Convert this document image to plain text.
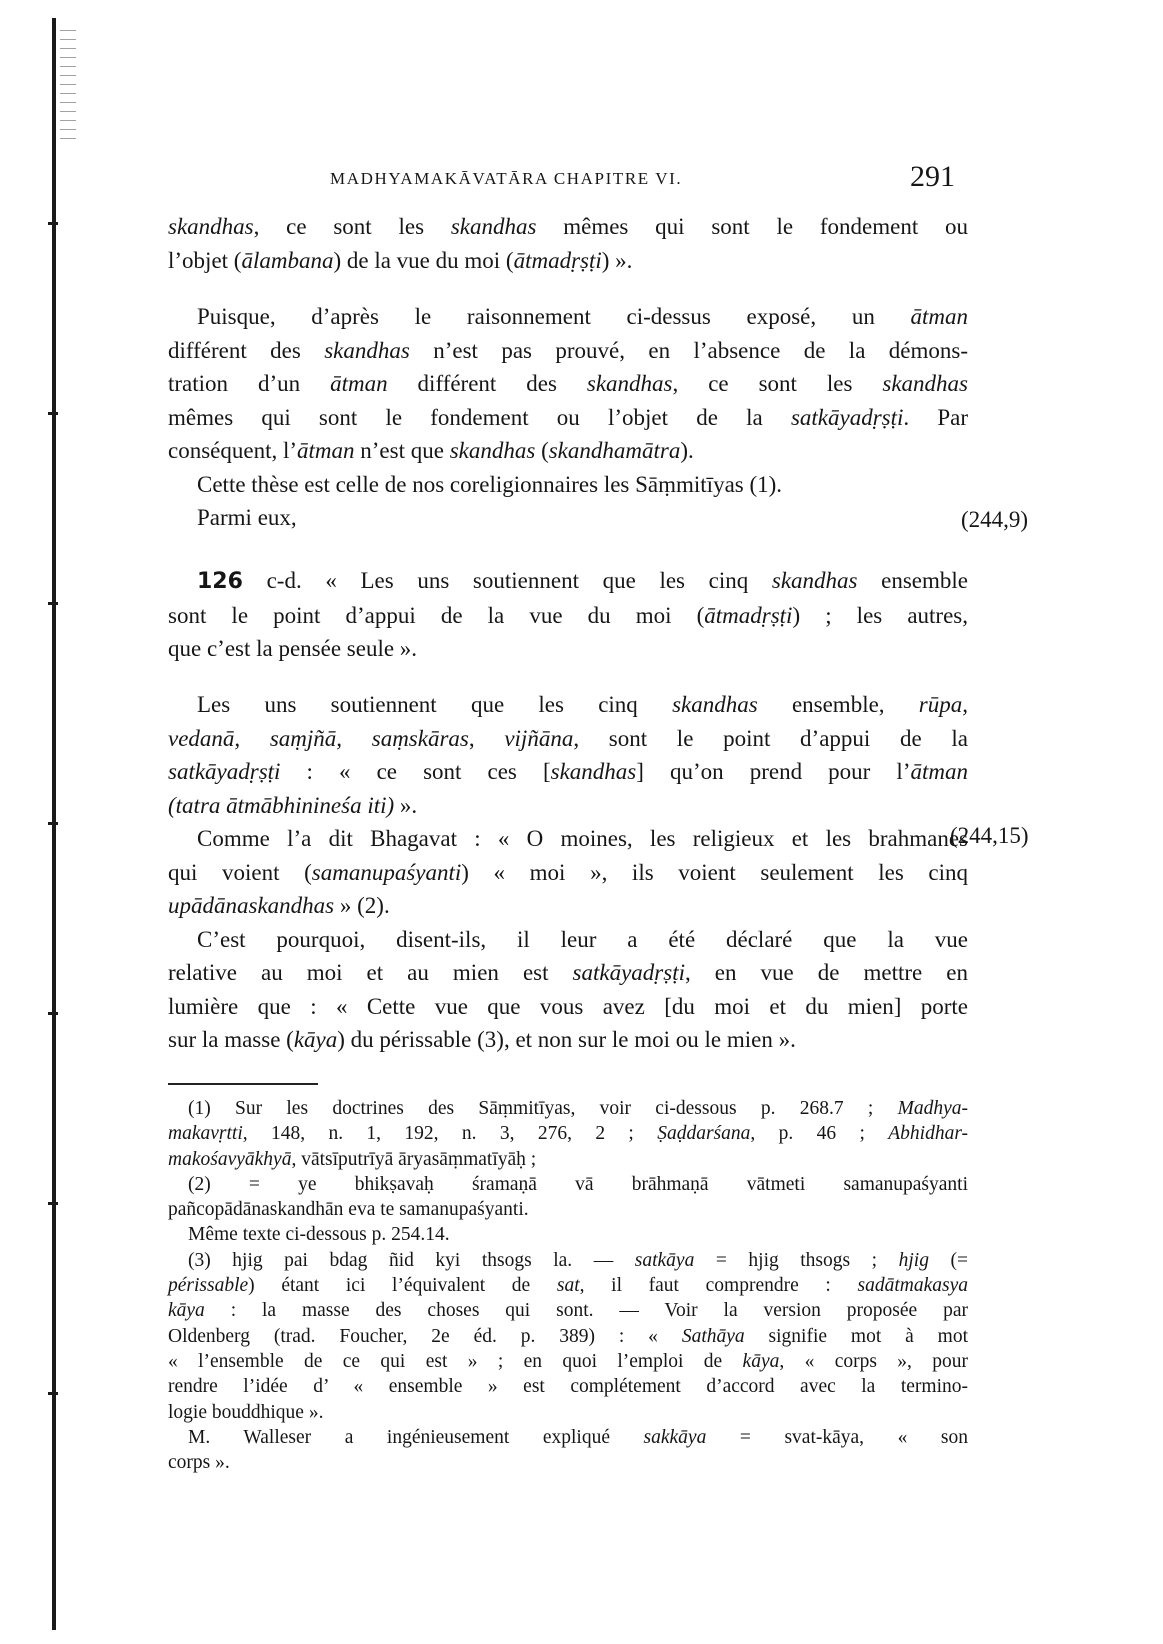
MADHYAMAKĀVATĀRA CHAPITRE VI.	291
skandhas, ce sont les skandhas mêmes qui sont le fondement ou
l’objet (ālambana) de la vue du moi (ātmadṛṣṭi) ».
Puisque, d’après le raisonnement ci-dessus exposé, un ātman
différent des skandhas n’est pas prouvé, en l’absence de la démons-
tration d’un ātman différent des skandhas, ce sont les skandhas
mêmes qui sont le fondement ou l’objet de la satkāyadṛṣṭi. Par
conséquent, l’ātman n’est que skandhas (skandhamātra).
Cette thèse est celle de nos coreligionnaires les Sāṃmitīyas (1).
Parmi eux,	(244,9)
126 c-d. « Les uns soutiennent que les cinq skandhas ensemble
sont le point d’appui de la vue du moi (ātmadṛṣṭi) ; les autres,
que c’est la pensée seule ».
Les uns soutiennent que les cinq skandhas ensemble, rūpa,
vedanā, saṃjñā, saṃskāras, vijñāna, sont le point d’appui de la
satkāyadṛṣṭi : « ce sont ces [skandhas] qu’on prend pour l’ātman
(tatra ātmābhinineśa iti) ».
Comme l’a dit Bhagavat : « O moines, les religieux et les brahmanes
qui voient (samanupaśyanti) « moi », ils voient seulement les cinq
upādānaskandhas » (2).
C’est pourquoi, disent-ils, il leur a été déclaré que la vue
relative au moi et au mien est satkāyadṛṣṭi, en vue de mettre en
lumière que : « Cette vue que vous avez [du moi et du mien] porte
sur la masse (kāya) du périssable (3), et non sur le moi ou le mien ».
(244,15)
(1) Sur les doctrines des Sāṃmitīyas, voir ci-dessous p. 268.7 ; Madhya-
makavṛtti, 148, n. 1, 192, n. 3, 276, 2 ; Ṣaḍdarśana, p. 46 ; Abhidhar-
makośavyākhyā, vātsīputrīyā āryasāṃmatīyāḥ ;
(2) = ye bhikṣavaḥ śramaṇā vā brāhmaṇā vātmeti samanupaśyanti
pañcopādānaskandhān eva te samanupaśyanti.
Même texte ci-dessous p. 254.14.
(3) hjig pai bdag ñid kyi thsogs la. — satkāya = hjig thsogs ; hjig (=
périssable) étant ici l’équivalent de sat, il faut comprendre : sadātmakasya
kāya : la masse des choses qui sont. — Voir la version proposée par
Oldenberg (trad. Foucher, 2e éd. p. 389) : « Sathāya signifie mot à mot
« l’ensemble de ce qui est » ; en quoi l’emploi de kāya, « corps », pour
rendre l’idée d’ « ensemble » est complétement d’accord avec la termino-
logie bouddhique ».
M. Walleser a ingénieusement expliqué sakkāya = svat-kāya, « son
corps ».
